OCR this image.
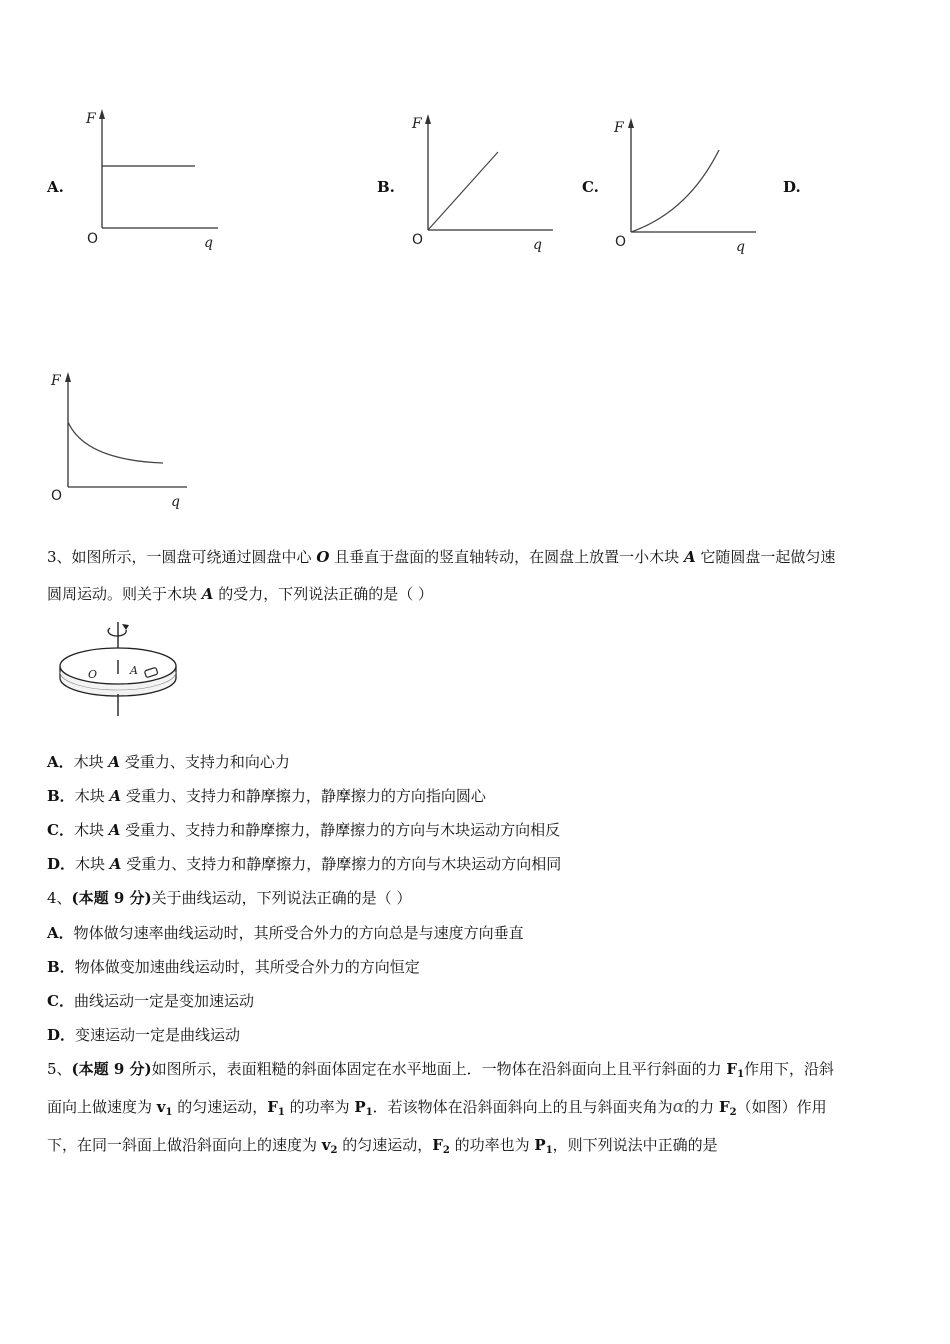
A.	B.	C.	D.
F
q
O
F
q
O
F
q
O
F
q
O
3、如图所示，一圆盘可绕通过圆盘中心 O 且垂直于盘面的竖直轴转动，在圆盘上放置一小木块 A 它随圆盘一起做匀速
圆周运动。则关于木块 A 的受力，下列说法正确的是（ ）
O	A
A．木块 A 受重力、支持力和向心力
B．木块 A 受重力、支持力和静摩擦力，静摩擦力的方向指向圆心
C．木块 A 受重力、支持力和静摩擦力，静摩擦力的方向与木块运动方向相反
D．木块 A 受重力、支持力和静摩擦力，静摩擦力的方向与木块运动方向相同
4、(本题 9 分)关于曲线运动，下列说法正确的是（ ）
A．物体做匀速率曲线运动时，其所受合外力的方向总是与速度方向垂直
B．物体做变加速曲线运动时，其所受合外力的方向恒定
C．曲线运动一定是变加速运动
D．变速运动一定是曲线运动
5、(本题 9 分)如图所示，表面粗糙的斜面体固定在水平地面上．一物体在沿斜面向上且平行斜面的力 $F_1$作用下，沿斜
面向上做速度为 $v_1$ 的匀速运动，$F_1$ 的功率为 $P_1$．若该物体在沿斜面斜向上的且与斜面夹角为α的力 $F_2$（如图）作用
下，在同一斜面上做沿斜面向上的速度为 $v_2$ 的匀速运动，$F_2$ 的功率也为 $P_1$，则下列说法中正确的是
